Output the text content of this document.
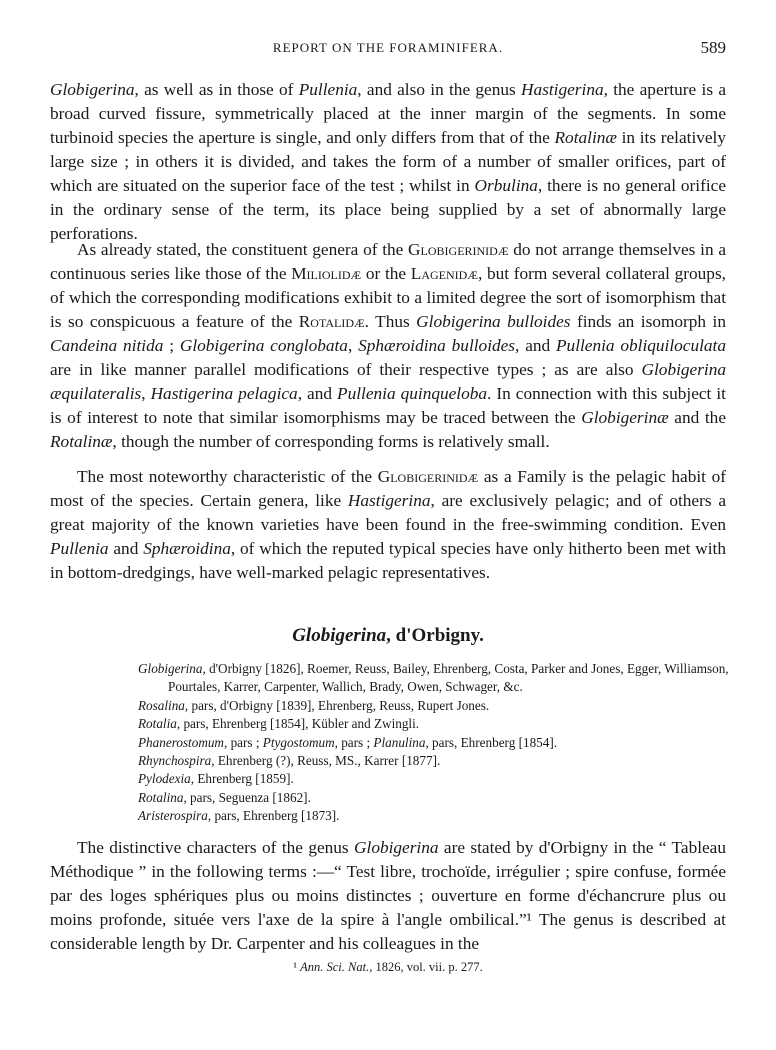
REPORT ON THE FORAMINIFERA.	589

Globigerina, as well as in those of Pullenia, and also in the genus Hastigerina, the aperture is a broad curved fissure, symmetrically placed at the inner margin of the segments. In some turbinoid species the aperture is single, and only differs from that of the Rotalinæ in its relatively large size ; in others it is divided, and takes the form of a number of smaller orifices, part of which are situated on the superior face of the test ; whilst in Orbulina, there is no general orifice in the ordinary sense of the term, its place being supplied by a set of abnormally large perforations.

As already stated, the constituent genera of the Globigerinidæ do not arrange themselves in a continuous series like those of the Miliolidæ or the Lagenidæ, but form several collateral groups, of which the corresponding modifications exhibit to a limited degree the sort of isomorphism that is so conspicuous a feature of the Rotalidæ. Thus Globigerina bulloides finds an isomorph in Candeina nitida ; Globigerina conglobata, Sphæroidina bulloides, and Pullenia obliquiloculata are in like manner parallel modifications of their respective types ; as are also Globigerina æquilateralis, Hastigerina pelagica, and Pullenia quinqueloba. In connection with this subject it is of interest to note that similar isomorphisms may be traced between the Globigerinæ and the Rotalinæ, though the number of corresponding forms is relatively small.

The most noteworthy characteristic of the Globigerinidæ as a Family is the pelagic habit of most of the species. Certain genera, like Hastigerina, are exclusively pelagic; and of others a great majority of the known varieties have been found in the free-swimming condition. Even Pullenia and Sphæroidina, of which the reputed typical species have only hitherto been met with in bottom-dredgings, have well-marked pelagic representatives.

Globigerina, d'Orbigny.

Globigerina, d'Orbigny [1826], Roemer, Reuss, Bailey, Ehrenberg, Costa, Parker and Jones, Egger, Williamson, Pourtales, Karrer, Carpenter, Wallich, Brady, Owen, Schwager, &c.

Rosalina, pars, d'Orbigny [1839], Ehrenberg, Reuss, Rupert Jones.

Rotalia, pars, Ehrenberg [1854], Kübler and Zwingli.

Phanerostomum, pars ; Ptygostomum, pars ; Planulina, pars, Ehrenberg [1854].

Rhynchospira, Ehrenberg (?), Reuss, MS., Karrer [1877].

Pylodexia, Ehrenberg [1859].

Rotalina, pars, Seguenza [1862].

Aristerospira, pars, Ehrenberg [1873].

The distinctive characters of the genus Globigerina are stated by d'Orbigny in the “ Tableau Méthodique ” in the following terms :—“ Test libre, trochoïde, irrégulier ; spire confuse, formée par des loges sphériques plus ou moins distinctes ; ouverture en forme d'échancrure plus ou moins profonde, située vers l'axe de la spire à l'angle ombilical.”¹ The genus is described at considerable length by Dr. Carpenter and his colleagues in the

¹ Ann. Sci. Nat., 1826, vol. vii. p. 277.
